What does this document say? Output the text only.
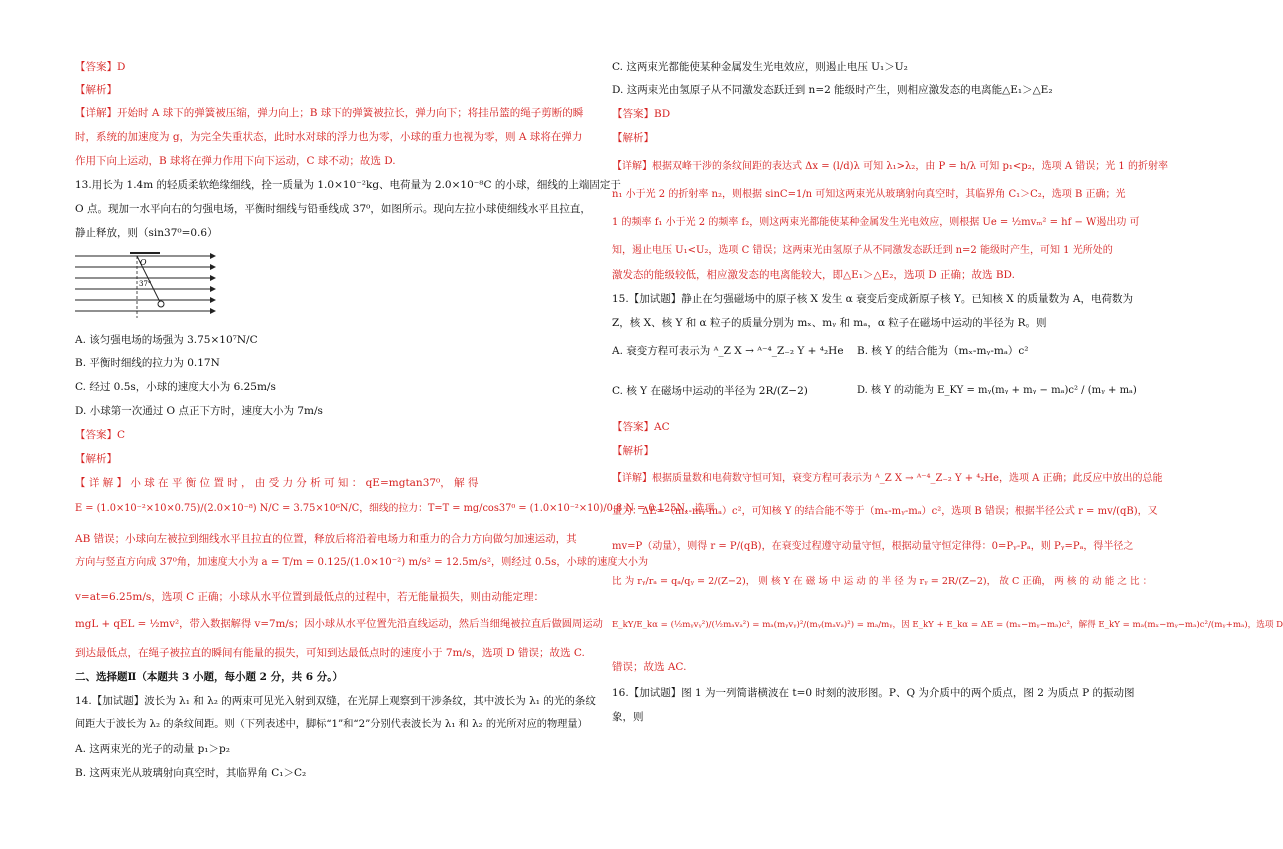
【答案】D
【解析】
【详解】开始时 A 球下的弹簧被压缩，弹力向上；B 球下的弹簧被拉长，弹力向下；将挂吊篮的绳子剪断的瞬
时，系统的加速度为 g，为完全失重状态，此时水对球的浮力也为零，小球的重力也视为零，则 A 球将在弹力
作用下向上运动，B 球将在弹力作用下向下运动，C 球不动；故选 D.
13.用长为 1.4m 的轻质柔软绝缘细线，拴一质量为 1.0×10⁻²kg、电荷量为 2.0×10⁻⁸C 的小球，细线的上端固定于
O 点。现加一水平向右的匀强电场，平衡时细线与铅垂线成 37⁰，如图所示。现向左拉小球使细线水平且拉直，
静止释放，则（sin37⁰=0.6）
O
37°
A. 该匀强电场的场强为 3.75×10⁷N/C
B. 平衡时细线的拉力为 0.17N
C. 经过 0.5s，小球的速度大小为 6.25m/s
D. 小球第一次通过 O 点正下方时，速度大小为 7m/s
【答案】C
【解析】
【 详 解 】 小 球 在 平 衡 位 置 时 ， 由 受 力 分 析 可 知 ： qE=mgtan37⁰， 解 得
E = (1.0×10⁻²×10×0.75)/(2.0×10⁻⁸) N/C = 3.75×10⁶N/C，细线的拉力：T=T = mg/cos37⁰ = (1.0×10⁻²×10)/0.8 N = 0.125N，选项
AB 错误；小球向左被拉到细线水平且拉直的位置，释放后将沿着电场力和重力的合力方向做匀加速运动，其
方向与竖直方向成 37⁰角，加速度大小为 a = T/m = 0.125/(1.0×10⁻²) m/s² = 12.5m/s²，则经过 0.5s，小球的速度大小为
v=at=6.25m/s，选项 C 正确；小球从水平位置到最低点的过程中，若无能量损失，则由动能定理：
mgL + qEL = ½mv²，带入数据解得 v=7m/s；因小球从水平位置先沿直线运动，然后当细绳被拉直后做圆周运动
到达最低点，在绳子被拉直的瞬间有能量的损失，可知到达最低点时的速度小于 7m/s，选项 D 错误；故选 C.
二、选择题Ⅱ（本题共 3 小题，每小题 2 分，共 6 分。）
14.【加试题】波长为 λ₁ 和 λ₂ 的两束可见光入射到双缝，在光屏上观察到干涉条纹，其中波长为 λ₁ 的光的条纹
间距大于波长为 λ₂ 的条纹间距。则（下列表述中，脚标“1”和“2”分别代表波长为 λ₁ 和 λ₂ 的光所对应的物理量）
A. 这两束光的光子的动量 p₁＞p₂
B. 这两束光从玻璃射向真空时，其临界角 C₁＞C₂
C. 这两束光都能使某种金属发生光电效应，则遏止电压 U₁＞U₂
D. 这两束光由氢原子从不同激发态跃迁到 n=2 能级时产生，则相应激发态的电离能△E₁＞△E₂
【答案】BD
【解析】
【详解】根据双峰干涉的条纹间距的表达式 Δx = (l/d)λ 可知 λ₁>λ₂，由 P = h/λ 可知 p₁<p₂，选项 A 错误；光 1 的折射率
n₁ 小于光 2 的折射率 n₂，则根据 sinC=1/n 可知这两束光从玻璃射向真空时，其临界角 C₁＞C₂，选项 B 正确；光
1 的频率 f₁ 小于光 2 的频率 f₂，则这两束光都能使某种金属发生光电效应，则根据 Ue = ½mvₘ² = hf − W遏出功 可
知，遏止电压 U₁<U₂，选项 C 错误；这两束光由氢原子从不同激发态跃迁到 n=2 能级时产生，可知 1 光所处的
激发态的能级较低，相应激发态的电离能较大，即△E₁＞△E₂，选项 D 正确；故选 BD.
15.【加试题】静止在匀强磁场中的原子核 X 发生 α 衰变后变成新原子核 Y。已知核 X 的质量数为 A，电荷数为
Z，核 X、核 Y 和 α 粒子的质量分别为 mₓ、mᵧ 和 mₐ，α 粒子在磁场中运动的半径为 R。则
A. 衰变方程可表示为 ᴬ_Z X → ᴬ⁻⁴_Z₋₂ Y + ⁴₂He B. 核 Y 的结合能为（mₓ-mᵧ-mₐ）c²
C. 核 Y 在磁场中运动的半径为 2R/(Z−2)	D. 核 Y 的动能为 E_KY = mᵧ(mᵧ + mᵧ − mₐ)c² / (mᵧ + mₐ)
【答案】AC
【解析】
【详解】根据质量数和电荷数守恒可知，衰变方程可表示为 ᴬ_Z X → ᴬ⁻⁴_Z₋₂ Y + ⁴₂He，选项 A 正确；此反应中放出的总能
量为：ΔE=（mₓ-mᵧ-mₐ）c²，可知核 Y 的结合能不等于（mₓ-mᵧ-mₐ）c²，选项 B 错误；根据半径公式 r = mv/(qB)，又
mv=P（动量），则得 r = P/(qB)，在衰变过程遵守动量守恒，根据动量守恒定律得：0=Pᵧ-Pₐ，则 Pᵧ=Pₐ，得半径之
比 为 rᵧ/rₐ = qₐ/qᵧ = 2/(Z−2)， 则 核 Y 在 磁 场 中 运 动 的 半 径 为 rᵧ = 2R/(Z−2)， 故 C 正确， 两 核 的 动 能 之 比 ：
E_kY/E_kα = (½mᵧvᵧ²)/(½mₐvₐ²) = mₐ(mᵧvᵧ)²/(mᵧ(mₐvₐ)²) = mₐ/mᵧ，因 E_kY + E_kα = ΔE = (mₓ−mᵧ−mₐ)c²，解得 E_kY = mₐ(mₓ−mᵧ−mₐ)c²/(mᵧ+mₐ)，选项 D
错误；故选 AC.
16.【加试题】图 1 为一列简谐横波在 t=0 时刻的波形图。P、Q 为介质中的两个质点，图 2 为质点 P 的振动图
象，则
